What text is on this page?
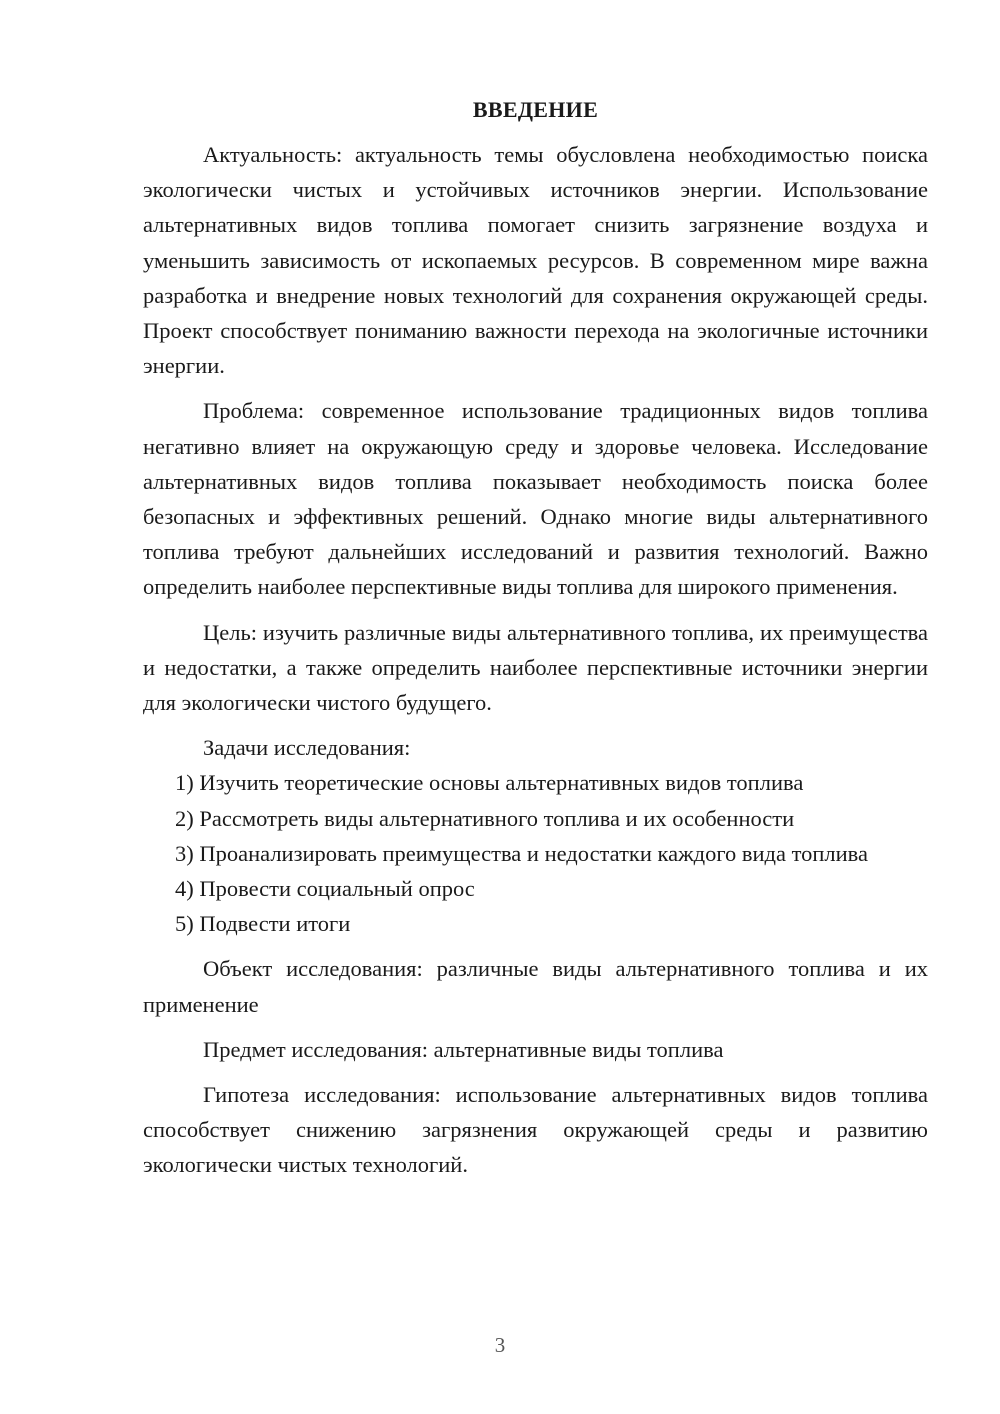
ВВЕДЕНИЕ

Актуальность: актуальность темы обусловлена необходимостью поиска экологически чистых и устойчивых источников энергии. Использование альтернативных видов топлива помогает снизить загрязнение воздуха и уменьшить зависимость от ископаемых ресурсов. В современном мире важна разработка и внедрение новых технологий для сохранения окружающей среды. Проект способствует пониманию важности перехода на экологичные источники энергии.

Проблема: современное использование традиционных видов топлива негативно влияет на окружающую среду и здоровье человека. Исследование альтернативных видов топлива показывает необходимость поиска более безопасных и эффективных решений. Однако многие виды альтернативного топлива требуют дальнейших исследований и развития технологий. Важно определить наиболее перспективные виды топлива для широкого применения.

Цель: изучить различные виды альтернативного топлива, их преимущества и недостатки, а также определить наиболее перспективные источники энергии для экологически чистого будущего.

Задачи исследования:

1) Изучить теоретические основы альтернативных видов топлива

2) Рассмотреть виды альтернативного топлива и их особенности

3) Проанализировать преимущества и недостатки каждого вида топлива

4) Провести социальный опрос

5) Подвести итоги

Объект исследования: различные виды альтернативного топлива и их применение

Предмет исследования: альтернативные виды топлива

Гипотеза исследования: использование альтернативных видов топлива способствует снижению загрязнения окружающей среды и развитию экологически чистых технологий.

3
